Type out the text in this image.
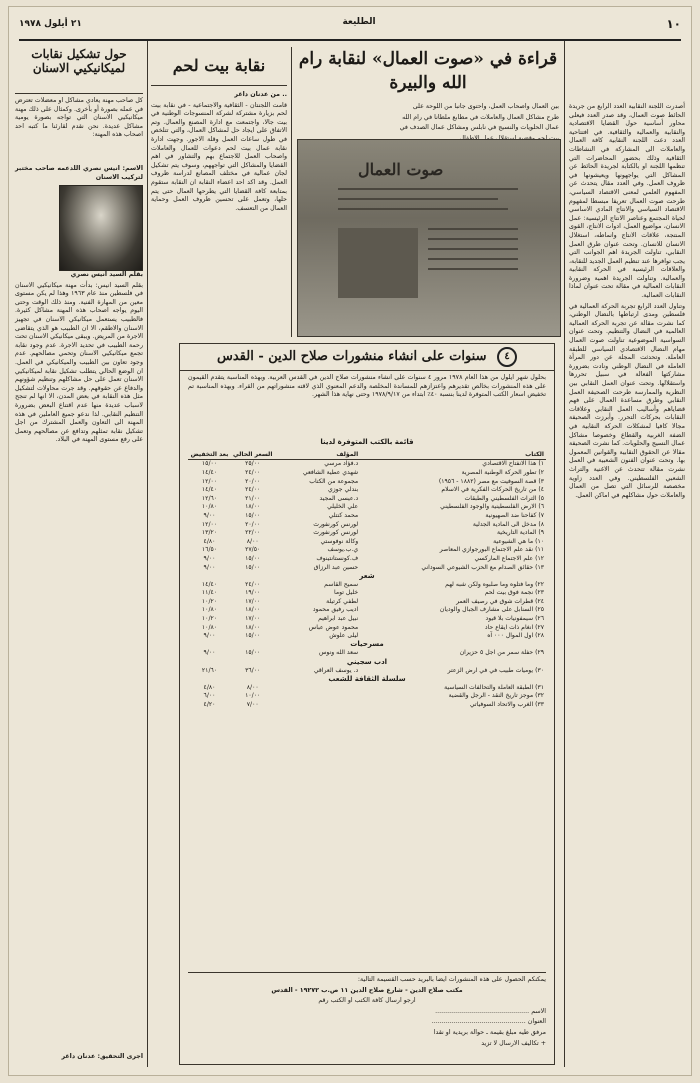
١٠
الطليعة
٢١ أيلول ١٩٧٨
قراءة في «صوت العمال» لنقابة رام الله والبيرة

أصدرت اللجنة النقابية العدد الرابع من جريدة الحائط صوت العمال، وقد صدر العدد فيعلى محاور أساسية حول القضايا الاقتصادية والنقابية والعمالية والثقافية. في افتتاحية العدد دعت اللجنة النقابية كافة العمال والعاملات الى المشاركة في النشاطات الثقافية وذلك بحضور المحاضرات التي تنظمها اللجنة او بالكتابة لجريدة الحائط عن المشاكل التي يواجهونها ويعيشونها في ظروف العمل. وفي العدد مقال يتحدث عن المفهوم العلمي لمعنى الاقتصاد السياسي، طرحت صوت العمال تعريفا مبسطا لمفهوم الاقتصاد السياسي والانتاج المادي الاساسي لحياة المجتمع وعناصر الانتاج الرئيسية: عمل الانسان، مواضيع العمل، ادوات الانتاج، القوى المنتجة، علاقات الانتاج وانماطه، استغلال الانسان للانسان. وتحت عنوان طرق العمل النقابي، تناولت الجريدة اهم الجوانب التي يجب توافرها عند تنظيم العمل الجديد للنقابة، والعلاقات الرئيسية في الحركة النقابية والعمالية. وتناولت الجريدة اهمية وضرورة النقابات العمالية في مقالة تحت عنوان لماذا النقابات العمالية.

وتناول العدد الرابع تجربة الحركة العمالية في فلسطين ومدى ارتباطها بالنضال الوطني، كما نشرت مقالة عن تجربة الحركة العمالية العالمية في النضال والتنظيم. وتحت عنوان السواسية الموضوعية تناولت صوت العمال مهام النضال الاقتصادي السياسي للطبقة العاملة. وتحدثت المجلة عن دور المرأة العاملة في النضال الوطني ونادت بضرورة مشاركتها الفعالة في سبيل تحررها واستقلالها. وتحت عنوان العمل النقابي بين النظرية والممارسة طرحت الصحيفة العمل النقابي وطرق مساعدة العمال على فهم قضاياهم وأساليب العمل النقابي وعلاقات النقابات بحركات التحرر. وأبرزت الصحيفة مجالا كافيا لمشكلات الحركة النقابية في الضفة الغربية والقطاع وخصوصا مشاكل عمال النسيج والحلويات. كما نشرت الصحيفة مقالا عن الحقوق النقابية والقوانين المعمول بها. وتحت عنوان الفنون الشعبية في العمل نشرت مقالة تتحدث عن الاغنية والتراث الشعبي الفلسطيني. وفي العدد زاوية مخصصة للرسائل التي تصل من العمال والعاملات حول مشاكلهم في اماكن العمل.

بين العمال واصحاب العمل، واحتوى جانبا من اللوحة على

طرح مشاكل العمال والعاملات في مطابع ملطانا في رام الله

عمال الحلويات والنسيج في نابلس ومشاكل عمال الصدف في

صوت العمال
نقابة بيت لحم

.. من عدنان داغر

قامت اللجنتان - الثقافية والاجتماعية - في نقابة بيت لحم بزيارة مشتركة لشركة المنسوجات الوطنية في بيت جالا، واجتمعت مع ادارة المصنع والعمال. وتم الاتفاق على ايجاد حل لمشاكل العمال، والتي تتلخص في طول ساعات العمل وقلة الاجور. وجهت ادارة نقابة عمال بيت لحم دعوات للعمال والعاملات واصحاب العمل للاجتماع بهم والتشاور في اهم القضايا والمشاكل التي تواجههم، وسوف يتم تشكيل لجان عمالية في مختلف المصانع لدراسة ظروف العمل. وقد اكد احد اعضاء النقابة ان النقابة ستقوم بمتابعة كافة القضايا التي يطرحها العمال حتى يتم حلها، وتعمل على تحسين ظروف العمل وحماية العمال من التعسف.

حول تشكيل نقابات لميكانيكيي الاسنان

كل صاحب مهنة يعادي مشاكل او معضلات تعترض في عمله بصورة أو بأخرى. وكمثال على ذلك مهنة ميكانيكيي الاسنان التي تواجه بصورة يومية مشاكل عديدة. نحن نقدم لقارئنا ما كتبه احد اصحاب هذه المهنة:

الاسم: انيس نصري اللدعمه صاحب مختبر لتركيب الاسنان

بقلم السيد انيس نصري

بقلم السيد انيس: بدأت مهنة ميكانيكيي الاسنان في فلسطين منذ عام ١٩٦٣ وهذا لم يكن مستوى معين من المهارة الفنية. ومنذ ذلك الوقت وحتى اليوم يواجه اصحاب هذه المهنة مشاكل كثيرة. فالطبيب يستعمل ميكانيكي الاسنان في تجهيز الاسنان والاطقم، الا ان الطبيب هو الذي يتقاضى الاجرة من المريض. ويبقى ميكانيكي الاسنان تحت رحمة الطبيب في تحديد الاجرة. عدم وجود نقابة تجمع ميكانيكيي الاسنان وتحمي مصالحهم. عدم وجود تعاون بين الطبيب والميكانيكي في العمل. ان الوضع الحالي يتطلب تشكيل نقابة لميكانيكيي الاسنان تعمل على حل مشاكلهم وتنظيم شؤونهم والدفاع عن حقوقهم. وقد جرت محاولات لتشكيل مثل هذه النقابة في بعض المدن، الا انها لم تنجح لاسباب عديدة منها عدم اقتناع البعض بضرورة التنظيم النقابي. لذا ندعو جميع العاملين في هذه المهنة الى التعاون والعمل المشترك من اجل تشكيل نقابة تمثلهم وتدافع عن مصالحهم وتعمل على رفع مستوى المهنة في البلاد.

اجرى التحقيق: عدنان داغر

٤ سنوات على انشاء منشورات صلاح الدين - القدس

بحلول شهر ايلول من هذا العام ١٩٧٨ مرور ٤ سنوات على انشاء منشورات صلاح الدين في القدس العربية. وبهذه المناسبة يتقدم القيمون على هذه المنشورات بخالص تقديرهم واعتزازهم للمساندة المخلصة والدعم المعنوي الذي لاقته منشوراتهم من القراء. وبهذه المناسبة تم تخفيض اسعار الكتب المتوفرة لدينا بنسبة ٤٠٪ ابتداء من ١٩٧٨/٩/١٧ وحتى نهاية هذا الشهر.

قائمة بالكتب المتوفرة لدينا
الكتاب	المؤلف	السعر الحالي	بعد التخفيض
١) هذا الانفتاح الاقتصادي	د.فؤاد مرسي	٢٥/٠٠	١٥/٠٠
٢) تطور الحركة الوطنية المصرية	شهدي عطية الشافعي	٢٤/٠٠	١٤/٤٠
٣) قصة السوفيت مع مصر (١٨٨٢ - ١٩٥٦)	مجموعة من الكتاب	٢٠/٠٠	١٢/٠٠
٤) من تاريخ الحركات الفكرية في الاسلام	بندلي جوزي	٢٤/٠٠	١٤/٤٠
٥) التراث الفلسطيني والطبقات	د.عيسى المجيد	٢١/٠٠	١٢/٦٠
٦) الارض الفلسطينية والوجود الفلسطيني	علي الخليلي	١٨/٠٠	١٠/٨٠
٧) كفاحنا ضد الصهيونية	محمد كنتلي	١٥/٠٠	٩/٠٠
٨) مدخل الى المادية الجدلية	لورنس كورنفورث	٢٠/٠٠	١٢/٠٠
٩) المادية التاريخية	لورنس كورنفورث	٢٢/٠٠	١٣/٢٠
١٠) ما هي الشيوعية	وكالة نوفوستي	٨/٠٠	٤/٨٠
١١) نقد علم الاجتماع البورجوازي المعاصر	ي.ب.يوسف	٢٧/٥٠	١٦/٥٠
١٢) علم الاجتماع الماركسي	ف.كونستانتينوف	١٥/٠٠	٩/٠٠
١٣) حقائق الصدام مع الحزب الشيوعي السوداني	حسين عبد الرزاق	١٥/٠٠	٩/٠٠
شعر			
٢٢) وما فتلوه وما صلبوه ولكن شبه لهم	سميح القاسم	٢٤/٠٠	١٤/٤٠
٢٣) نجمة فوق بيت لحم	خليل توما	١٩/٠٠	١١/٤٠
٢٤) قطرات شوق في رصيف العمر	لطفي كرتيلة	١٧/٠٠	١٠/٢٠
٢٥) السنابل على مشارف الجبال والوديان	اديب رفيق محمود	١٨/٠٠	١٠/٨٠
٢٦) سيمفونيات بلا قيود	نبيل عبد ابراهيم	١٧/٠٠	١٠/٢٠
٢٧) انغام ذات ايقاع حاد	محمود عوض عباس	١٨/٠٠	١٠/٨٠
٢٨) اول الموال ٠٠٠ آه	ليلى علوش	١٥/٠٠	٩/٠٠
مسرحيات			
٢٩) حفلة سمر من اجل ٥ حزيران	سعد الله ونوس	١٥/٠٠	٩/٠٠
ادب سجيني			
٣٠) يوميات طبيب في في ارض الزعتر	د. يوسف العراقي	٣٦/٠٠	٢١/٦٠
سلسلة الثقافة للشعب			
٣١) الطبقة العاملة والتحالفات السياسية		٨/٠٠	٤/٨٠
٣٢) موجز تاريخ النقد - الرجل والقضية		١٠/٠٠	٦/٠٠
٣٣) الغرب والاتحاد السوفياتي		٧/٠٠	٤/٢٠

يمكنكم الحصول على هذه المنشورات ايضا بالبريد حسب القسيمة التالية:

مكتب صلاح الدين - شارع صلاح الدين ١١ ص.ب ١٩٢٧٢ - القدس

ارجو ارسال كافة الكتب او الكتب رقم

الاسم ...............................................

العنوان ...............................................

مرفق طيه مبلغ بقيمة ـ حوالة بريدية او نقدا

+ تكاليف الارسال لا تزيد
